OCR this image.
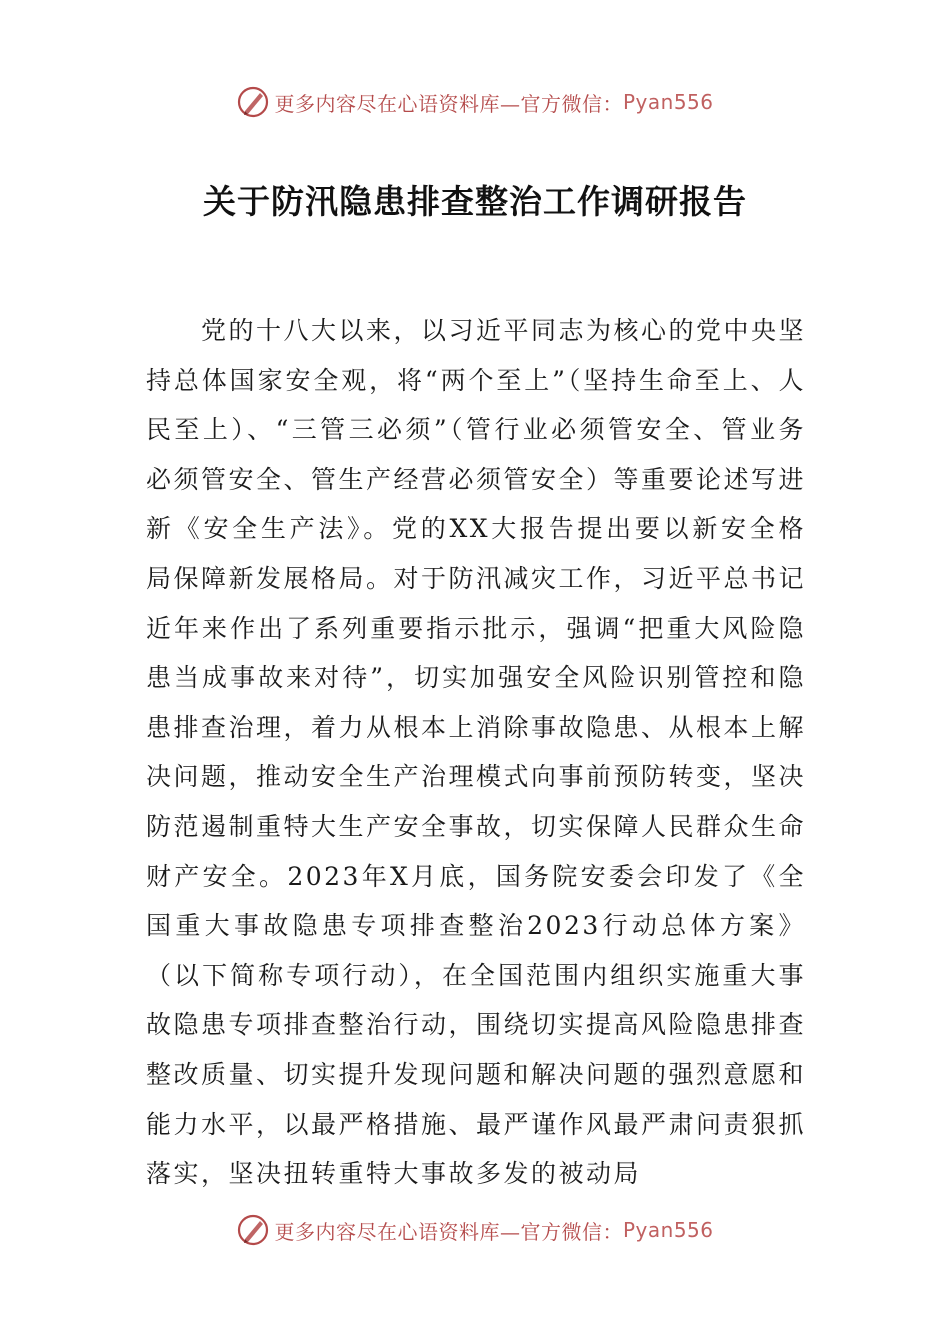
更多内容尽在心语资料库—官方微信： Pyan556
关于防汛隐患排查整治工作调研报告

党的十八大以来，以习近平同志为核心的党中央坚持总体国家安全观，将“两个至上”（坚持生命至上、人民至上）、“三管三必须”（管行业必须管安全、管业务必须管安全、管生产经营必须管安全）等重要论述写进新《安全生产法》。党的XX大报告提出要以新安全格局保障新发展格局。对于防汛减灾工作，习近平总书记近年来作出了系列重要指示批示，强调“把重大风险隐患当成事故来对待”，切实加强安全风险识别管控和隐患排查治理，着力从根本上消除事故隐患、从根本上解决问题，推动安全生产治理模式向事前预防转变，坚决防范遏制重特大生产安全事故，切实保障人民群众生命财产安全。2023年X月底，国务院安委会印发了《全国重大事故隐患专项排查整治2023行动总体方案》（以下简称专项行动），在全国范围内组织实施重大事故隐患专项排查整治行动，围绕切实提高风险隐患排查整改质量、切实提升发现问题和解决问题的强烈意愿和能力水平，以最严格措施、最严谨作风最严肃问责狠抓落实，坚决扭转重特大事故多发的被动局

更多内容尽在心语资料库—官方微信： Pyan556
